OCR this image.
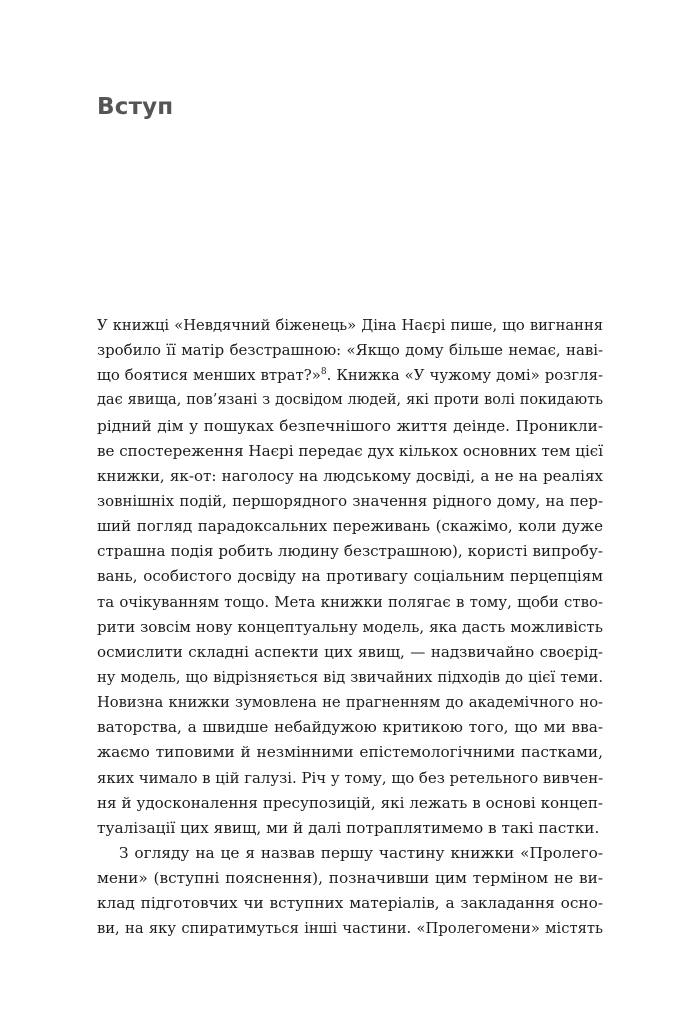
Вступ
У книжці «Невдячний біженець» Діна Наєрі пише, що вигнання
зробило її матір безстрашною: «Якщо дому більше немає, наві-
що боятися менших втрат?»$^8$. Книжка «У чужому домі» розгля-
дає явища, пов’язані з досвідом людей, які проти волі покидають
рідний дім у пошуках безпечнішого життя деінде. Проникли-
ве спостереження Наєрі передає дух кількох основних тем цієї
книжки, як-от: наголосу на людському досвіді, а не на реаліях
зовнішніх подій, першорядного значення рідного дому, на пер-
ший погляд парадоксальних переживань (скажімо, коли дуже
страшна подія робить людину безстрашною), користі випробу-
вань, особистого досвіду на противагу соціальним перцепціям
та очікуванням тощо. Мета книжки полягає в тому, щоби ство-
рити зовсім нову концептуальну модель, яка дасть можливість
осмислити складні аспекти цих явищ, — надзвичайно своєрід-
ну модель, що відрізняється від звичайних підходів до цієї теми.
Новизна книжки зумовлена не прагненням до академічного но-
ваторства, а швидше небайдужою критикою того, що ми вва-
жаємо типовими й незмінними епістемологічними пастками,
яких чимало в цій галузі. Річ у тому, що без ретельного вивчен-
ня й удосконалення пресупозицій, які лежать в основі концеп-
туалізації цих явищ, ми й далі потраплятимемо в такі пастки.
З огляду на це я назвав першу частину книжки «Пролего-
мени» (вступні пояснення), позначивши цим терміном не ви-
клад підготовчих чи вступних матеріалів, а закладання осно-
ви, на яку спиратимуться інші частини. «Пролегомени» містять
